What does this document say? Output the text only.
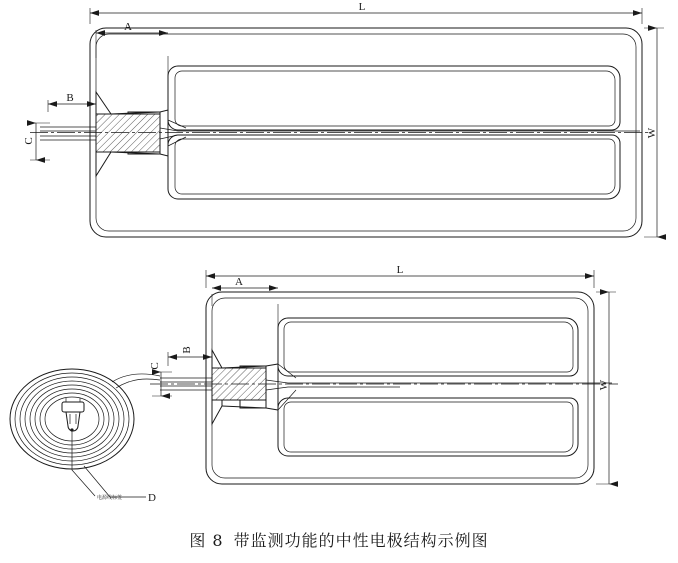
L
A
B
C
W
L
A
B
C
D
W
电源线标签
图 8 带监测功能的中性电极结构示例图
